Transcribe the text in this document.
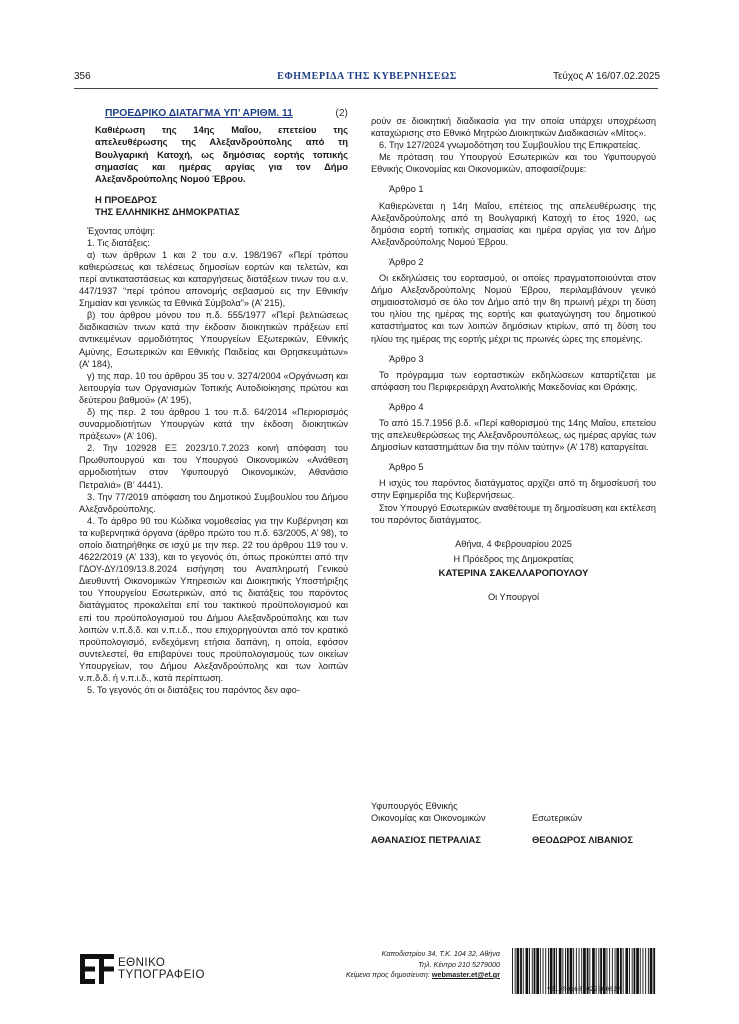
356	ΕΦΗΜΕΡΙΔΑ ΤΗΣ ΚΥΒΕΡΝΗΣΕΩΣ	Τεύχος Α’ 16/07.02.2025
ΠΡΟΕΔΡΙΚΟ ΔΙΑΤΑΓΜΑ ΥΠ’ ΑΡΙΘΜ. 11	(2)

Καθιέρωση της 14ης Μαΐου, επετείου της απελευθέρωσης της Αλεξανδρούπολης από τη Βουλγαρική Κατοχή, ως δημόσιας εορτής τοπικής σημασίας και ημέρας αργίας για τον Δήμο Αλεξανδρούπολης Νομού Έβρου.

Η ΠΡΟΕΔΡΟΣ

ΤΗΣ ΕΛΛΗΝΙΚΗΣ ΔΗΜΟΚΡΑΤΙΑΣ

Έχοντας υπόψη:

1. Τις διατάξεις:

α) των άρθρων 1 και 2 του α.ν. 198/1967 «Περί τρόπου καθιερώσεως και τελέσεως δημοσίων εορτών και τελετών, και περί αντικαταστάσεως και καταργήσεως διατάξεων τινων του α.ν. 447/1937 “περί τρόπου απονομής σεβασμού εις την Εθνικήν Σημαίαν και γενικώς τα Εθνικά Σύμβολα”» (Α’ 215),

β) του άρθρου μόνου του π.δ. 555/1977 «Περί βελτιώσεως διαδικασιών τινων κατά την έκδοσιν διοικητικών πράξεων επί αντικειμένων αρμοδιότητος Υπουργείων Εξωτερικών, Εθνικής Αμύνης, Εσωτερικών και Εθνικής Παιδείας και Θρησκευμάτων» (Α’ 184),

γ) της παρ. 10 του άρθρου 35 του ν. 3274/2004 «Οργάνωση και λειτουργία των Οργανισμών Τοπικής Αυτοδιοίκησης πρώτου και δεύτερου βαθμού» (Α’ 195),

δ) της περ. 2 του άρθρου 1 του π.δ. 64/2014 «Περιορισμός συναρμοδιοτήτων Υπουργών κατά την έκδοση διοικητικών πράξεων» (Α’ 106).

2. Την 102928 ΕΞ 2023/10.7.2023 κοινή απόφαση του Πρωθυπουργού και του Υπουργού Οικονομικών «Ανάθεση αρμοδιοτήτων στον Υφυπουργό Οικονομικών, Αθανάσιο Πετραλιά» (Β’ 4441).

3. Την 77/2019 απόφαση του Δημοτικού Συμβουλίου του Δήμου Αλεξανδρούπολης.

4. Το άρθρο 90 του Κώδικα νομοθεσίας για την Κυβέρνηση και τα κυβερνητικά όργανα (άρθρο πρώτο του π.δ. 63/2005, Α’ 98), το οποίο διατηρήθηκε σε ισχύ με την περ. 22 του άρθρου 119 του ν. 4622/2019 (Α’ 133), και το γεγονός ότι, όπως προκύπτει από την ΓΔΟΥ-ΔΥ/109/13.8.2024 εισήγηση του Αναπληρωτή Γενικού Διευθυντή Οικονομικών Υπηρεσιών και Διοικητικής Υποστήριξης του Υπουργείου Εσωτερικών, από τις διατάξεις του παρόντος διατάγματος προκαλείται επί του τακτικού προϋπολογισμού και επί του προϋπολογισμού του Δήμου Αλεξανδρούπολης και των λοιπών ν.π.δ.δ. και ν.π.ι.δ., που επιχορηγούνται από τον κρατικό προϋπολογισμό, ενδεχόμενη ετήσια δαπάνη, η οποία, εφόσον συντελεστεί, θα επιβαρύνει τους προϋπολογισμούς των οικείων Υπουργείων, του Δήμου Αλεξανδρούπολης και των λοιπών ν.π.δ.δ. ή ν.π.ι.δ., κατά περίπτωση.

5. Το γεγονός ότι οι διατάξεις του παρόντος δεν αφο-

ρούν σε διοικητική διαδικασία για την οποία υπάρχει υποχρέωση καταχώρισης στο Εθνικό Μητρώο Διοικητικών Διαδικασιών «Μίτος».

6. Την 127/2024 γνωμοδότηση του Συμβουλίου της Επικρατείας.

Με πρόταση του Υπουργού Εσωτερικών και του Υφυπουργού Εθνικής Οικονομίας και Οικονομικών, αποφασίζουμε:

Άρθρο 1

Καθιερώνεται η 14η Μαΐου, επέτειος της απελευθέρωσης της Αλεξανδρούπολης από τη Βουλγαρική Κατοχή το έτος 1920, ως δημόσια εορτή τοπικής σημασίας και ημέρα αργίας για τον Δήμο Αλεξανδρούπολης Νομού Έβρου.

Άρθρο 2

Οι εκδηλώσεις του εορτασμού, οι οποίες πραγματοποιούνται στον Δήμο Αλεξανδρούπολης Νομού Έβρου, περιλαμβάνουν γενικό σημαιοστολισμό σε όλο τον Δήμο από την 8η πρωινή μέχρι τη δύση του ηλίου της ημέρας της εορτής και φωταγώγηση του δημοτικού καταστήματος και των λοιπών δημόσιων κτιρίων, από τη δύση του ηλίου της ημέρας της εορτής μέχρι τις πρωινές ώρες της επομένης.

Άρθρο 3

Το πρόγραμμα των εορταστικών εκδηλώσεων καταρτίζεται με απόφαση του Περιφερειάρχη Ανατολικής Μακεδονίας και Θράκης.

Άρθρο 4

Το από 15.7.1956 β.δ. «Περί καθορισμού της 14ης Μαΐου, επετείου της απελευθερώσεως της Αλεξανδρουπόλεως, ως ημέρας αργίας των Δημοσίων καταστημάτων δια την πόλιν ταύτην» (Α’ 178) καταργείται.

Άρθρο 5

Η ισχύς του παρόντος διατάγματος αρχίζει από τη δημοσίευσή του στην Εφημερίδα της Κυβερνήσεως.

Στον Υπουργό Εσωτερικών αναθέτουμε τη δημοσίευση και εκτέλεση του παρόντος διατάγματος.

Αθήνα, 4 Φεβρουαρίου 2025

Η Πρόεδρος της Δημοκρατίας

ΚΑΤΕΡΙΝΑ ΣΑΚΕΛΛΑΡΟΠΟΥΛΟΥ

Οι Υπουργοί

Υφυπουργός Εθνικής
Οικονομίας και Οικονομικών	Εσωτερικών
ΑΘΑΝΑΣΙΟΣ ΠΕΤΡΑΛΙΑΣ	ΘΕΟΔΩΡΟΣ ΛΙΒΑΝΙΟΣ
ΕΘΝΙΚΟ
ΤΥΠΟΓΡΑΦΕΙΟ
Καποδιστρίου 34, Τ.Κ. 104 32, Αθήνα
Τηλ. Κέντρο 210 5279000
Κείμενα προς δημοσίευση: webmaster.et@et.gr
*01000160702250002*
